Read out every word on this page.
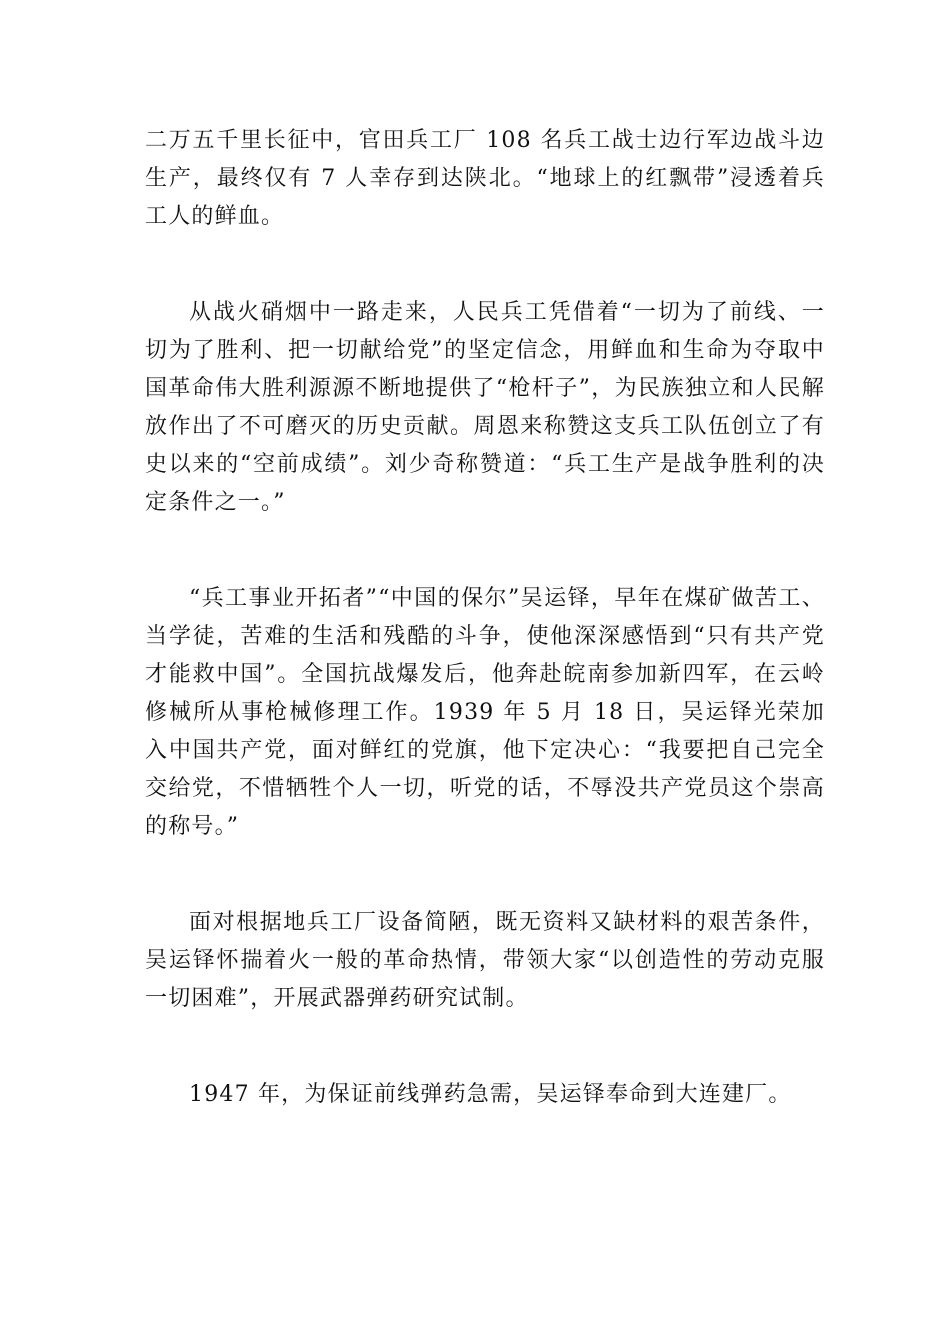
二万五千里长征中，官田兵工厂 108 名兵工战士边行军边战斗边生产，最终仅有 7 人幸存到达陕北。“地球上的红飘带”浸透着兵工人的鲜血。

从战火硝烟中一路走来，人民兵工凭借着“一切为了前线、一切为了胜利、把一切献给党”的坚定信念，用鲜血和生命为夺取中国革命伟大胜利源源不断地提供了“枪杆子”，为民族独立和人民解放作出了不可磨灭的历史贡献。周恩来称赞这支兵工队伍创立了有史以来的“空前成绩”。刘少奇称赞道：“兵工生产是战争胜利的决定条件之一。”

“兵工事业开拓者”“中国的保尔”吴运铎，早年在煤矿做苦工、当学徒，苦难的生活和残酷的斗争，使他深深感悟到“只有共产党才能救中国”。全国抗战爆发后，他奔赴皖南参加新四军，在云岭修械所从事枪械修理工作。1939 年 5 月 18 日，吴运铎光荣加入中国共产党，面对鲜红的党旗，他下定决心：“我要把自己完全交给党，不惜牺牲个人一切，听党的话，不辱没共产党员这个崇高的称号。”

面对根据地兵工厂设备简陋，既无资料又缺材料的艰苦条件，吴运铎怀揣着火一般的革命热情，带领大家“以创造性的劳动克服一切困难”，开展武器弹药研究试制。

1947 年，为保证前线弹药急需，吴运铎奉命到大连建厂。
